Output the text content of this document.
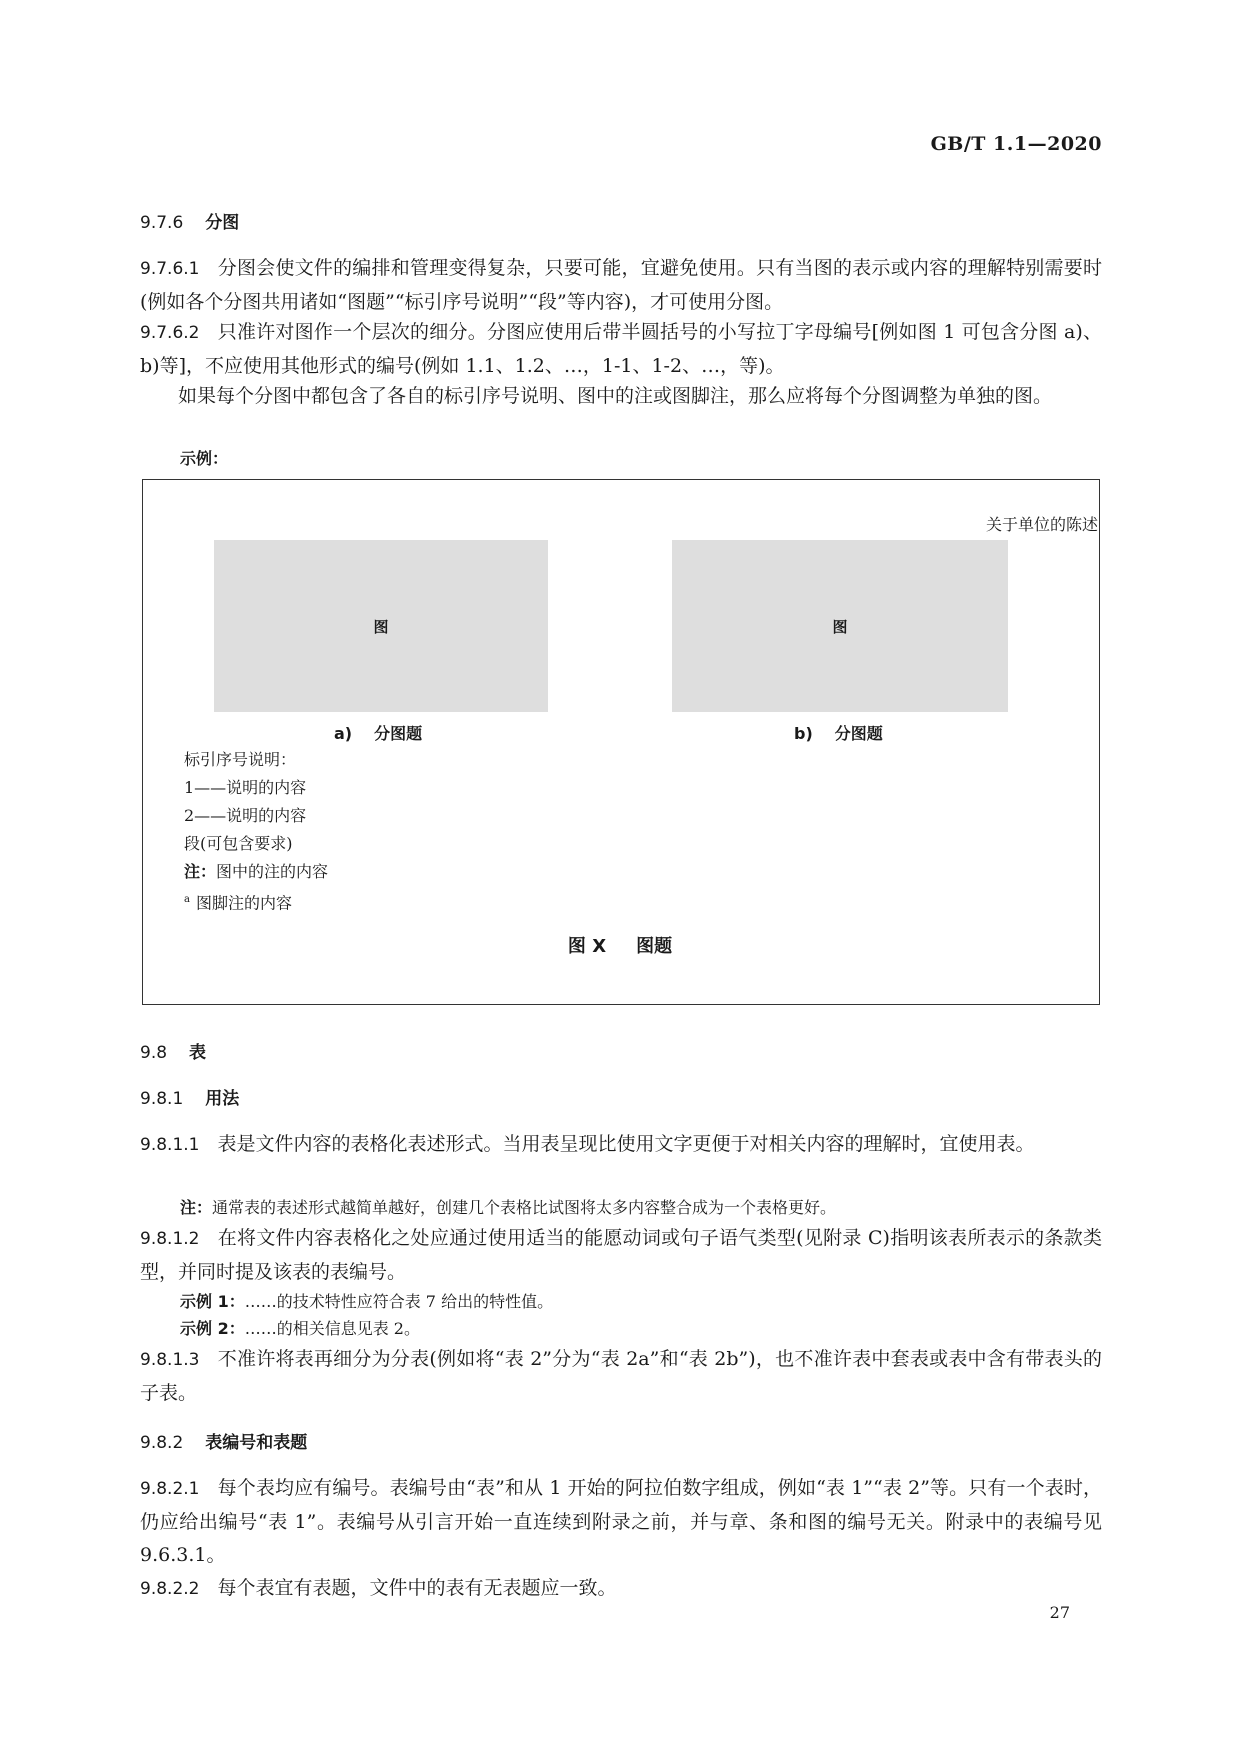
GB/T 1.1—2020
9.7.6 分图
9.7.6.1 分图会使文件的编排和管理变得复杂，只要可能，宜避免使用。只有当图的表示或内容的理解特别需要时(例如各个分图共用诸如“图题”“标引序号说明”“段”等内容)，才可使用分图。
9.7.6.2 只准许对图作一个层次的细分。分图应使用后带半圆括号的小写拉丁字母编号[例如图 1 可包含分图 a)、b)等]，不应使用其他形式的编号(例如 1.1、1.2、…，1-1、1-2、…，等)。
如果每个分图中都包含了各自的标引序号说明、图中的注或图脚注，那么应将每个分图调整为单独的图。
示例：
关于单位的陈述
图	图
a) 分图题	b) 分图题
标引序号说明：
1——说明的内容
2——说明的内容
段(可包含要求)
注：图中的注的内容
$^a$ 图脚注的内容
图 X 图题
9.8 表
9.8.1 用法
9.8.1.1 表是文件内容的表格化表述形式。当用表呈现比使用文字更便于对相关内容的理解时，宜使用表。
注：通常表的表述形式越简单越好，创建几个表格比试图将太多内容整合成为一个表格更好。
9.8.1.2 在将文件内容表格化之处应通过使用适当的能愿动词或句子语气类型(见附录 C)指明该表所表示的条款类型，并同时提及该表的表编号。
示例 1：……的技术特性应符合表 7 给出的特性值。
示例 2：……的相关信息见表 2。
9.8.1.3 不准许将表再细分为分表(例如将“表 2”分为“表 2a”和“表 2b”)，也不准许表中套表或表中含有带表头的子表。
9.8.2 表编号和表题
9.8.2.1 每个表均应有编号。表编号由“表”和从 1 开始的阿拉伯数字组成，例如“表 1”“表 2”等。只有一个表时，仍应给出编号“表 1”。表编号从引言开始一直连续到附录之前，并与章、条和图的编号无关。附录中的表编号见 9.6.3.1。
9.8.2.2 每个表宜有表题，文件中的表有无表题应一致。
27
